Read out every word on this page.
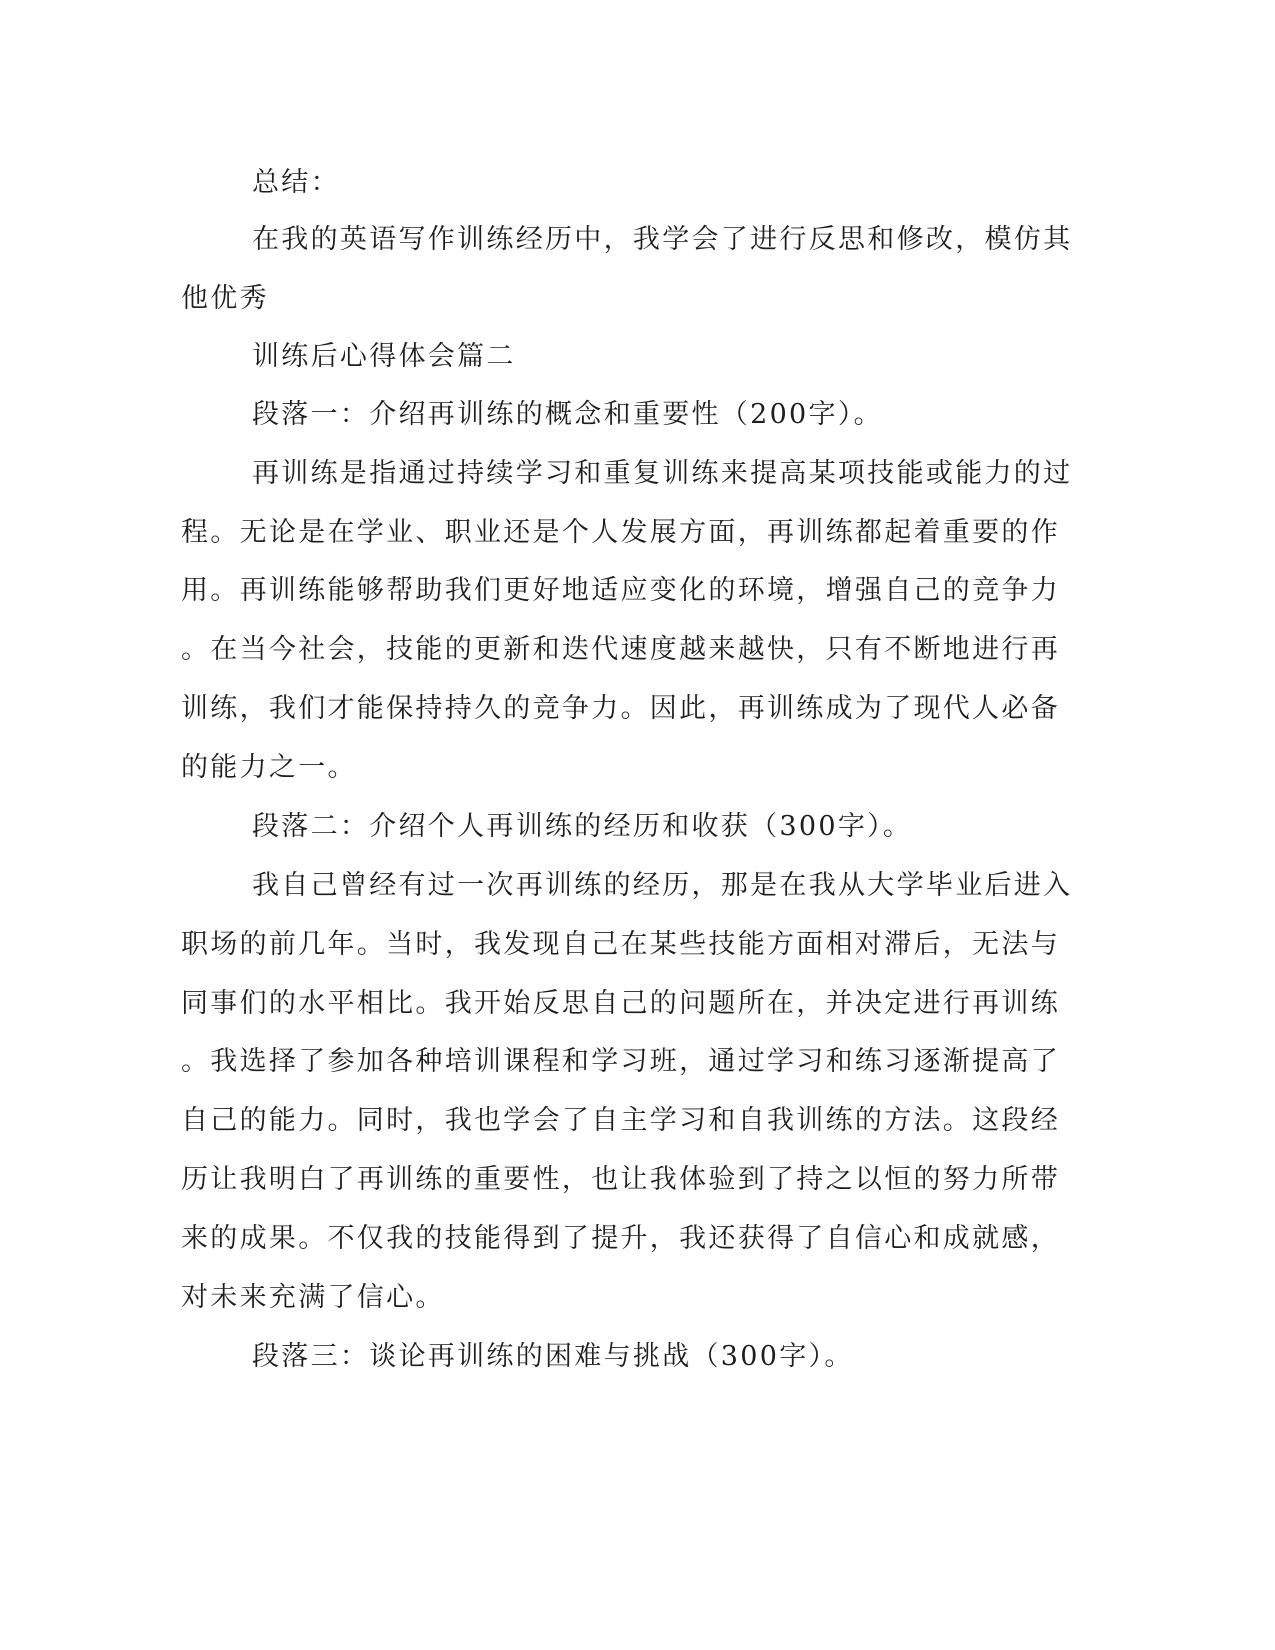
总结：
在我的英语写作训练经历中，我学会了进行反思和修改，模仿其
他优秀
训练后心得体会篇二
段落一：介绍再训练的概念和重要性（200字）。
再训练是指通过持续学习和重复训练来提高某项技能或能力的过
程。无论是在学业、职业还是个人发展方面，再训练都起着重要的作
用。再训练能够帮助我们更好地适应变化的环境，增强自己的竞争力
。在当今社会，技能的更新和迭代速度越来越快，只有不断地进行再
训练，我们才能保持持久的竞争力。因此，再训练成为了现代人必备
的能力之一。
段落二：介绍个人再训练的经历和收获（300字）。
我自己曾经有过一次再训练的经历，那是在我从大学毕业后进入
职场的前几年。当时，我发现自己在某些技能方面相对滞后，无法与
同事们的水平相比。我开始反思自己的问题所在，并决定进行再训练
。我选择了参加各种培训课程和学习班，通过学习和练习逐渐提高了
自己的能力。同时，我也学会了自主学习和自我训练的方法。这段经
历让我明白了再训练的重要性，也让我体验到了持之以恒的努力所带
来的成果。不仅我的技能得到了提升，我还获得了自信心和成就感，
对未来充满了信心。
段落三：谈论再训练的困难与挑战（300字）。
